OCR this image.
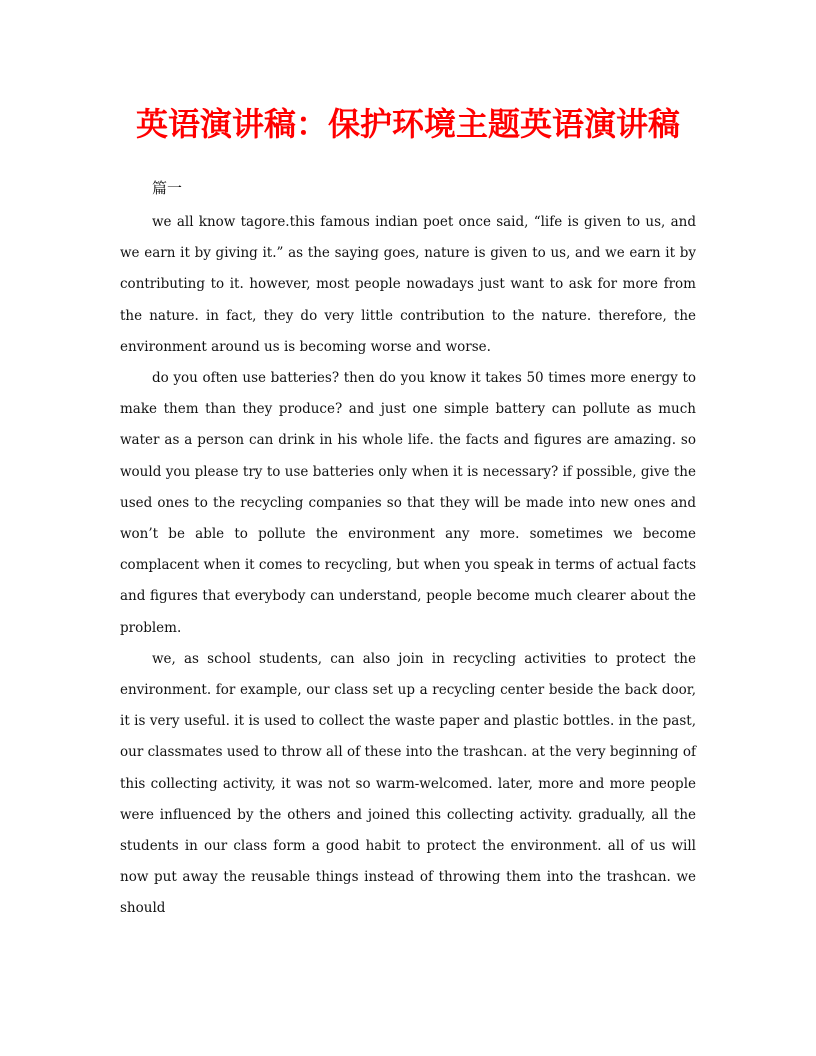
英语演讲稿：保护环境主题英语演讲稿
篇一

we all know tagore.this famous indian poet once said, “life is given to us, and we earn it by giving it.” as the saying goes, nature is given to us, and we earn it by contributing to it. however, most people nowadays just want to ask for more from the nature. in fact, they do very little contribution to the nature. therefore, the environment around us is becoming worse and worse.

do you often use batteries? then do you know it takes 50 times more energy to make them than they produce? and just one simple battery can pollute as much water as a person can drink in his whole life. the facts and figures are amazing. so would you please try to use batteries only when it is necessary? if possible, give the used ones to the recycling companies so that they will be made into new ones and won’t be able to pollute the environment any more. sometimes we become complacent when it comes to recycling, but when you speak in terms of actual facts and figures that everybody can understand, people become much clearer about the problem.

we, as school students, can also join in recycling activities to protect the environment. for example, our class set up a recycling center beside the back door, it is very useful. it is used to collect the waste paper and plastic bottles. in the past, our classmates used to throw all of these into the trashcan. at the very beginning of this collecting activity, it was not so warm-welcomed. later, more and more people were influenced by the others and joined this collecting activity. gradually, all the students in our class form a good habit to protect the environment. all of us will now put away the reusable things instead of throwing them into the trashcan. we should
